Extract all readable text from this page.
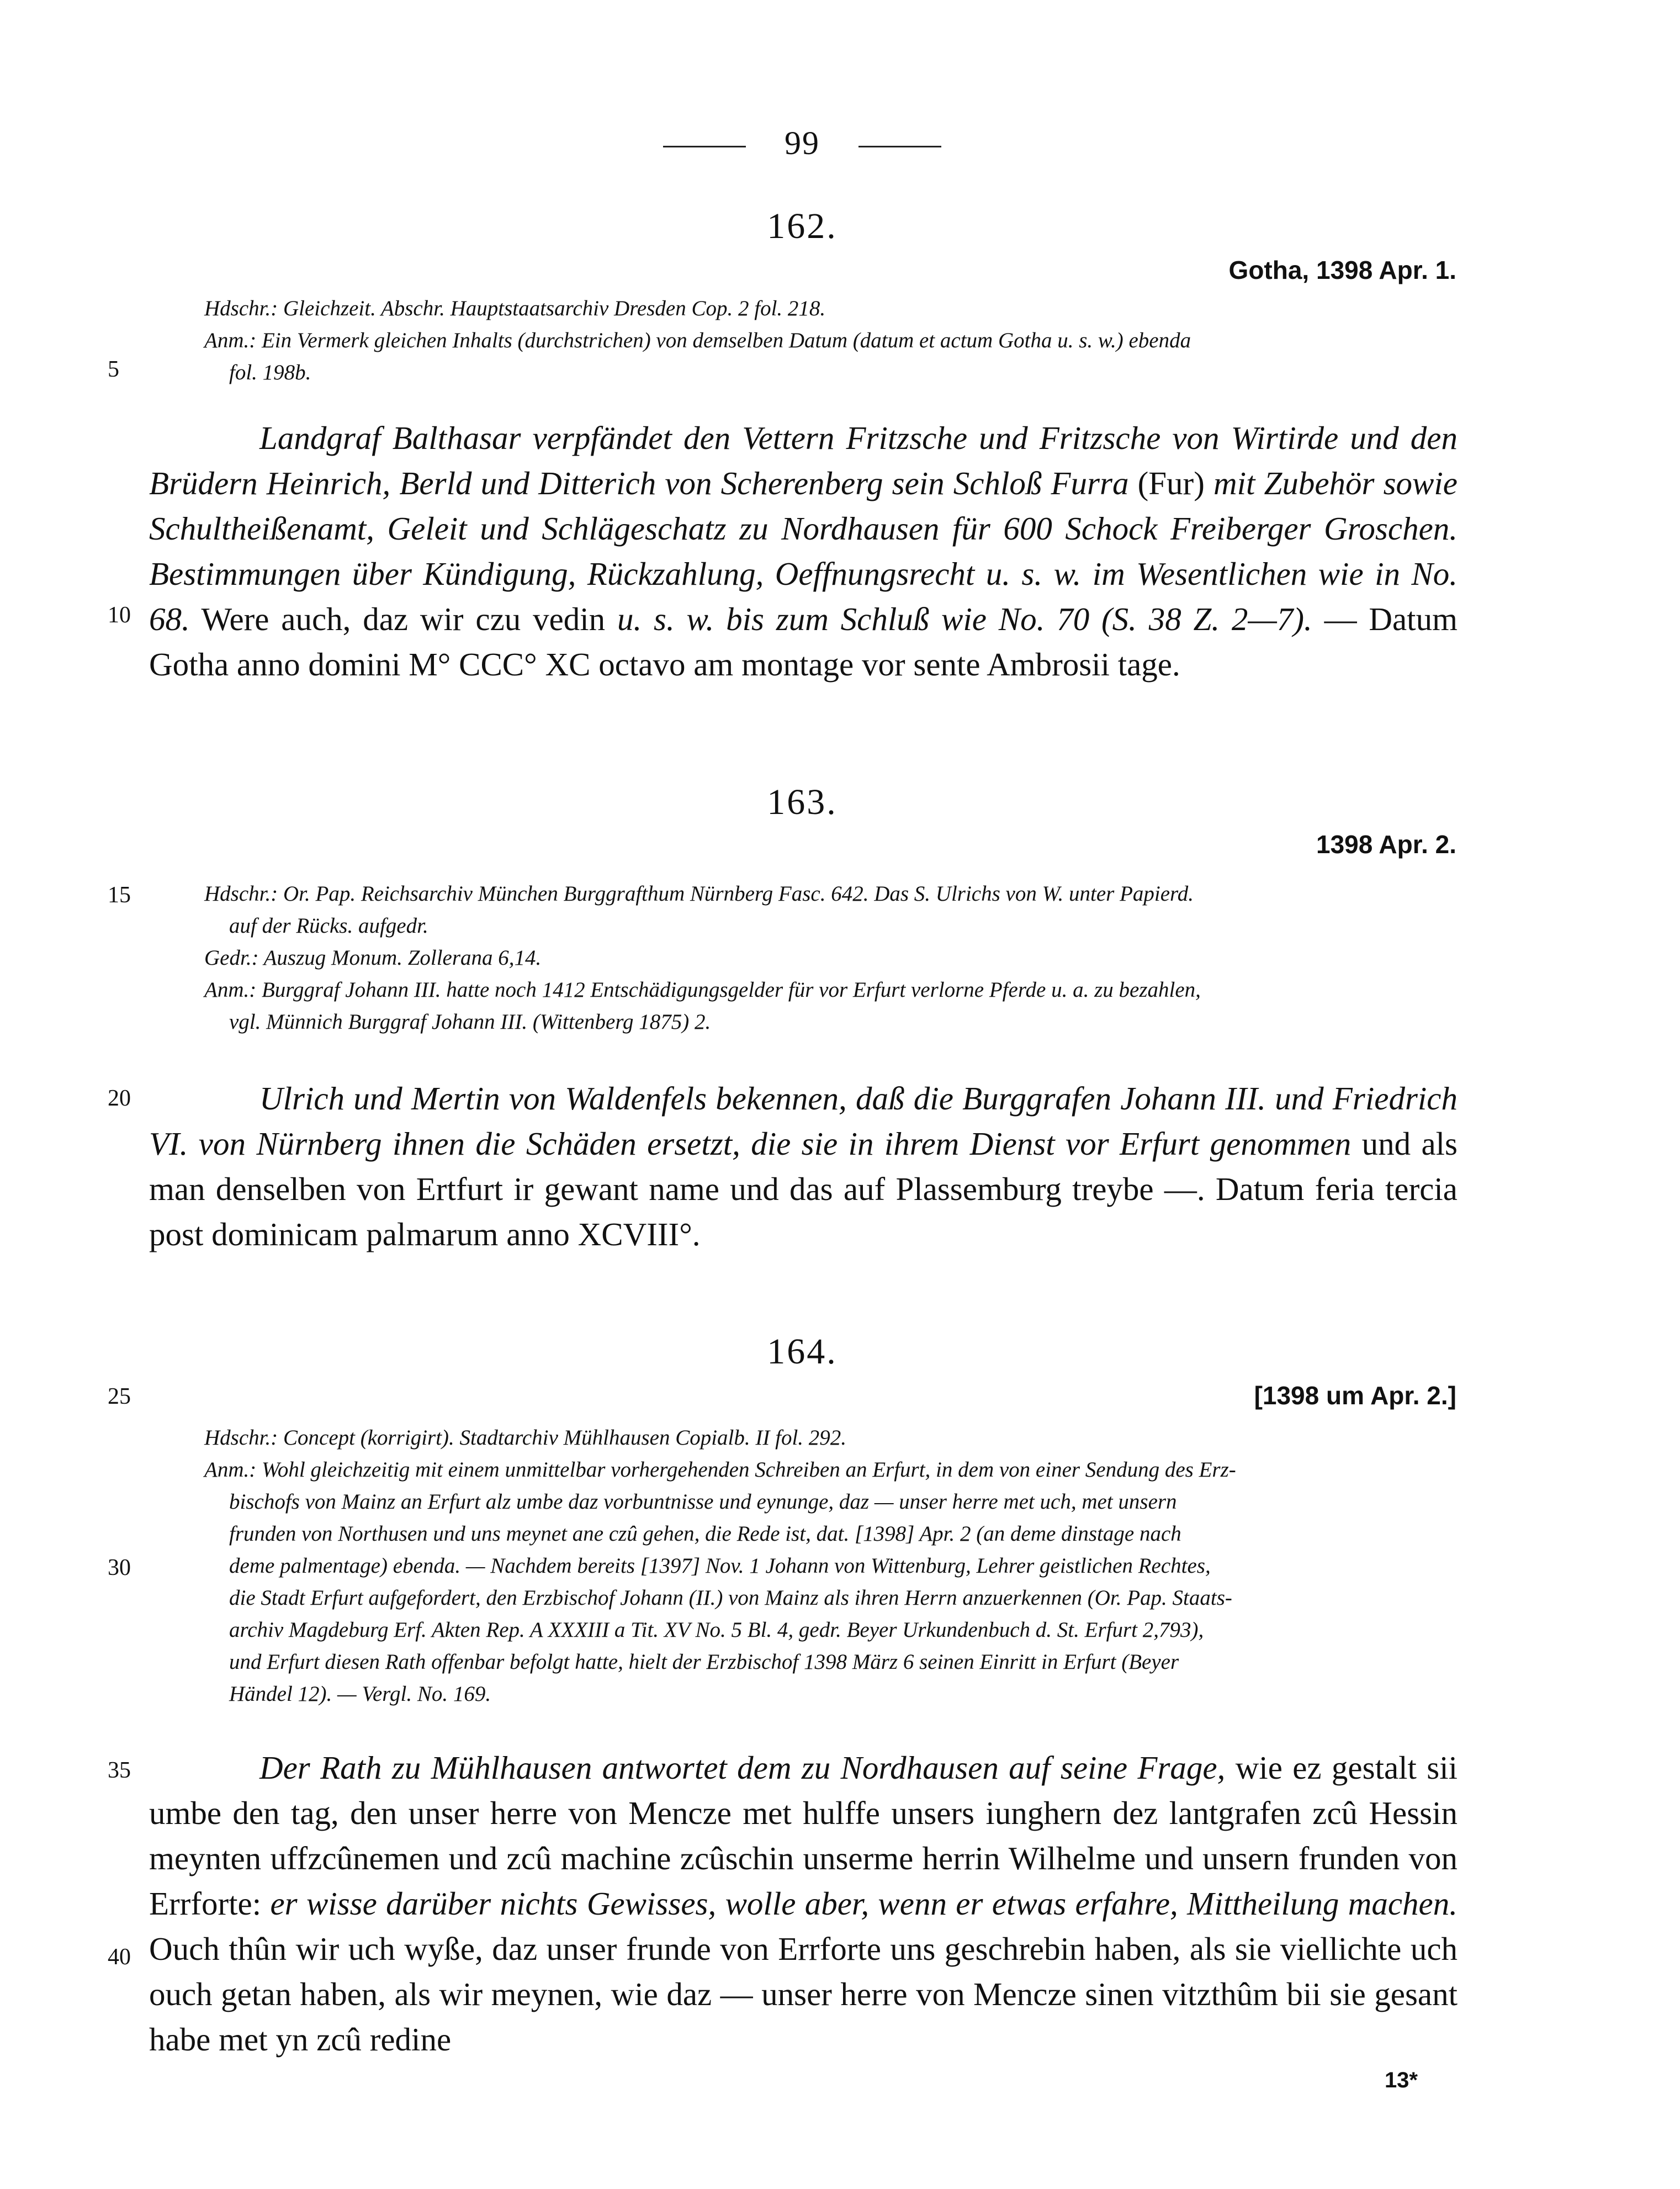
99
5
10
15
20
25
30
35
40
162.
Gotha, 1398 Apr. 1.
Hdschr.: Gleichzeit. Abschr. Hauptstaatsarchiv Dresden Cop. 2 fol. 218.
Anm.: Ein Vermerk gleichen Inhalts (durchstrichen) von demselben Datum (datum et actum Gotha u. s. w.) ebenda
fol. 198b.
Landgraf Balthasar verpfändet den Vettern Fritzsche und Fritzsche von Wirtirde und den Brüdern Heinrich, Berld und Ditterich von Scherenberg sein Schloß Furra (Fur) mit Zubehör sowie Schultheißenamt, Geleit und Schlägeschatz zu Nordhausen für 600 Schock Freiberger Groschen. Bestimmungen über Kündigung, Rückzahlung, Oeffnungsrecht u. s. w. im Wesentlichen wie in No. 68. Were auch, daz wir czu vedin u. s. w. bis zum Schluß wie No. 70 (S. 38 Z. 2—7). — Datum Gotha anno domini M° CCC° XC octavo am montage vor sente Ambrosii tage.
163.
1398 Apr. 2.
Hdschr.: Or. Pap. Reichsarchiv München Burggrafthum Nürnberg Fasc. 642. Das S. Ulrichs von W. unter Papierd.
auf der Rücks. aufgedr.
Gedr.: Auszug Monum. Zollerana 6,14.
Anm.: Burggraf Johann III. hatte noch 1412 Entschädigungsgelder für vor Erfurt verlorne Pferde u. a. zu bezahlen,
vgl. Münnich Burggraf Johann III. (Wittenberg 1875) 2.
Ulrich und Mertin von Waldenfels bekennen, daß die Burggrafen Johann III. und Friedrich VI. von Nürnberg ihnen die Schäden ersetzt, die sie in ihrem Dienst vor Erfurt genommen und als man denselben von Ertfurt ir gewant name und das auf Plassemburg treybe —. Datum feria tercia post dominicam palmarum anno XCVIII°.
164.
[1398 um Apr. 2.]
Hdschr.: Concept (korrigirt). Stadtarchiv Mühlhausen Copialb. II fol. 292.
Anm.: Wohl gleichzeitig mit einem unmittelbar vorhergehenden Schreiben an Erfurt, in dem von einer Sendung des Erz-
bischofs von Mainz an Erfurt alz umbe daz vorbuntnisse und eynunge, daz — unser herre met uch, met unsern
frunden von Northusen und uns meynet ane czû gehen, die Rede ist, dat. [1398] Apr. 2 (an deme dinstage nach
deme palmentage) ebenda. — Nachdem bereits [1397] Nov. 1 Johann von Wittenburg, Lehrer geistlichen Rechtes,
die Stadt Erfurt aufgefordert, den Erzbischof Johann (II.) von Mainz als ihren Herrn anzuerkennen (Or. Pap. Staats-
archiv Magdeburg Erf. Akten Rep. A XXXIII a Tit. XV No. 5 Bl. 4, gedr. Beyer Urkundenbuch d. St. Erfurt 2,793),
und Erfurt diesen Rath offenbar befolgt hatte, hielt der Erzbischof 1398 März 6 seinen Einritt in Erfurt (Beyer
Händel 12). — Vergl. No. 169.
Der Rath zu Mühlhausen antwortet dem zu Nordhausen auf seine Frage, wie ez gestalt sii umbe den tag, den unser herre von Mencze met hulffe unsers iunghern dez lantgrafen zcû Hessin meynten uffzcûnemen und zcû machine zcûschin unserme herrin Wilhelme und unsern frunden von Errforte: er wisse darüber nichts Gewisses, wolle aber, wenn er etwas erfahre, Mittheilung machen. Ouch thûn wir uch wyße, daz unser frunde von Errforte uns geschrebin haben, als sie viellichte uch ouch getan haben, als wir meynen, wie daz — unser herre von Mencze sinen vitzthûm bii sie gesant habe met yn zcû redine
13*
